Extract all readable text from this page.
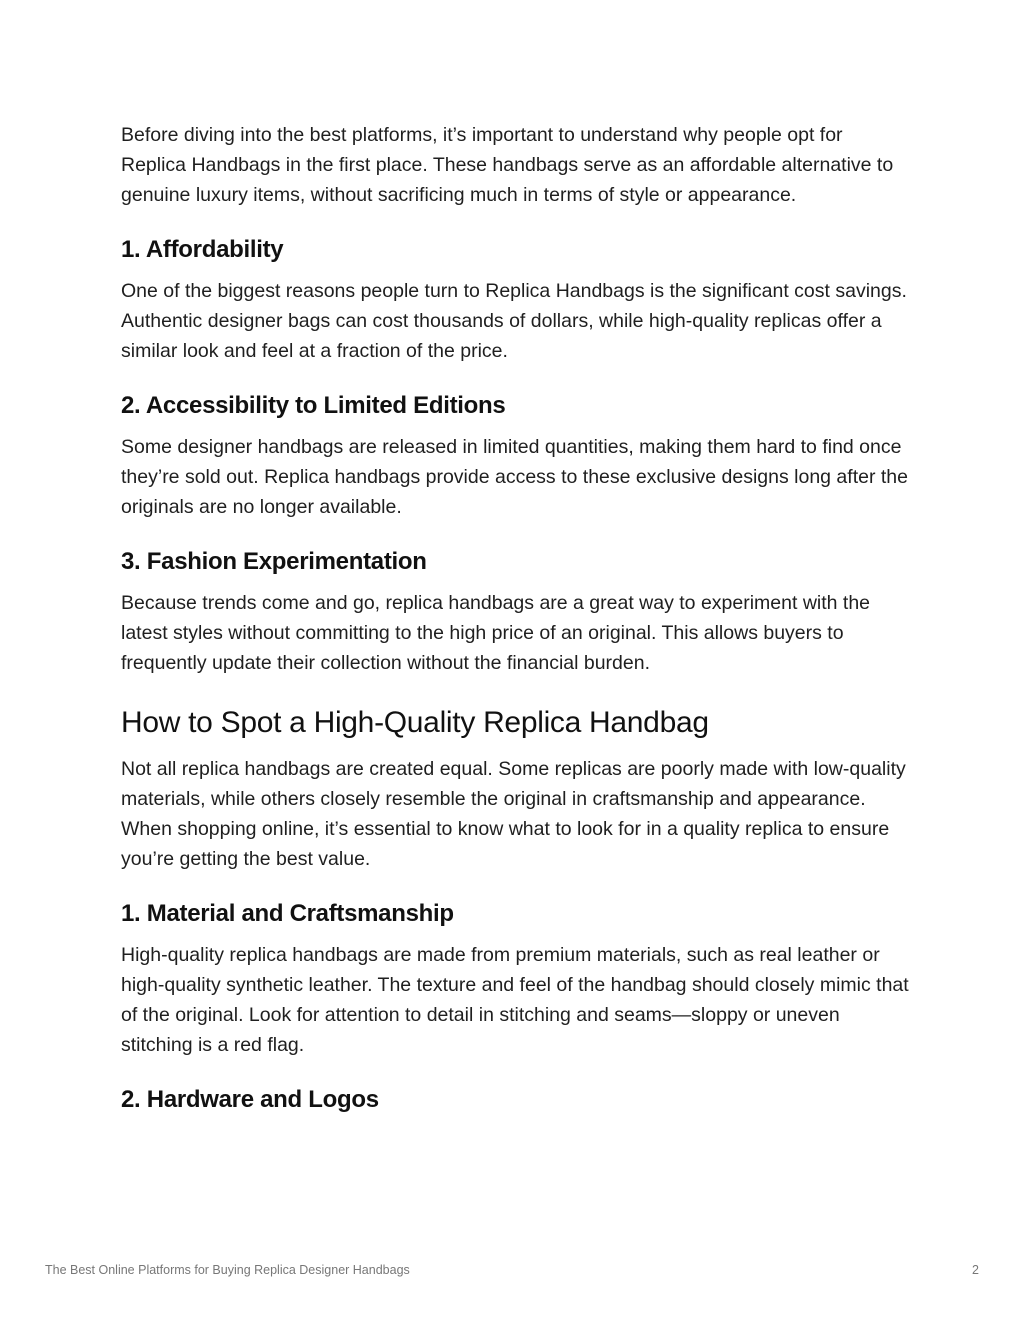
Before diving into the best platforms, it’s important to understand why people opt for Replica Handbags in the first place. These handbags serve as an affordable alternative to genuine luxury items, without sacrificing much in terms of style or appearance.

1. Affordability

One of the biggest reasons people turn to Replica Handbags is the significant cost savings. Authentic designer bags can cost thousands of dollars, while high-quality replicas offer a similar look and feel at a fraction of the price.

2. Accessibility to Limited Editions

Some designer handbags are released in limited quantities, making them hard to find once they’re sold out. Replica handbags provide access to these exclusive designs long after the originals are no longer available.

3. Fashion Experimentation

Because trends come and go, replica handbags are a great way to experiment with the latest styles without committing to the high price of an original. This allows buyers to frequently update their collection without the financial burden.

How to Spot a High-Quality Replica Handbag

Not all replica handbags are created equal. Some replicas are poorly made with low-quality materials, while others closely resemble the original in craftsmanship and appearance. When shopping online, it’s essential to know what to look for in a quality replica to ensure you’re getting the best value.

1. Material and Craftsmanship

High-quality replica handbags are made from premium materials, such as real leather or high-quality synthetic leather. The texture and feel of the handbag should closely mimic that of the original. Look for attention to detail in stitching and seams—sloppy or uneven stitching is a red flag.

2. Hardware and Logos
The Best Online Platforms for Buying Replica Designer Handbags	2
